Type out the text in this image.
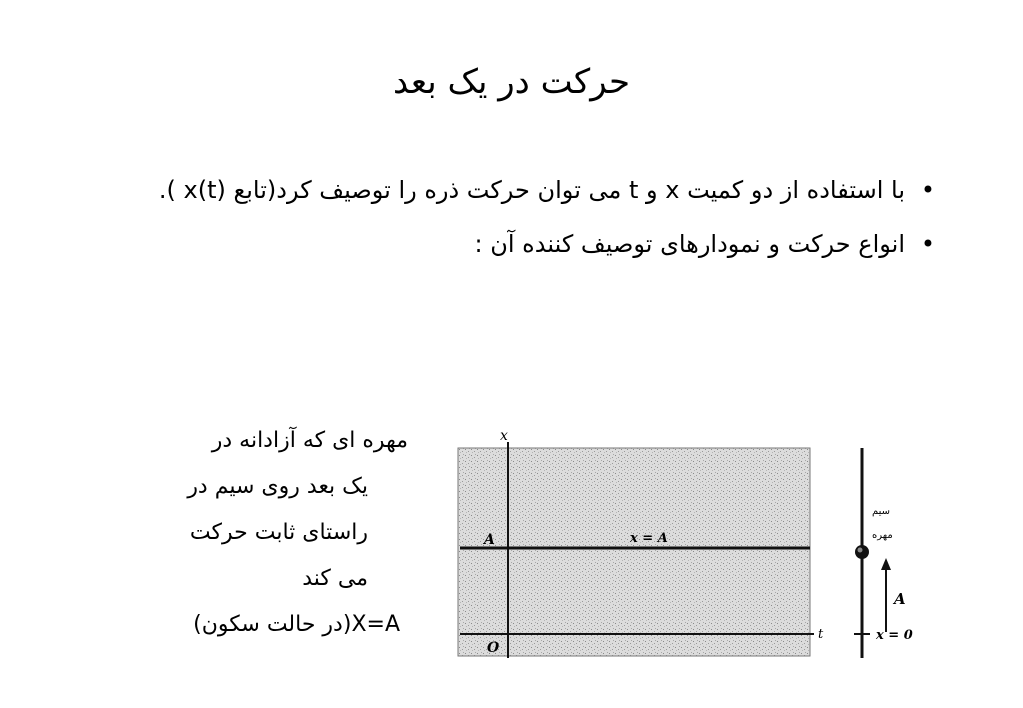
حرکت در یک بعد
•
با استفاده از دو کمیت x و t می توان حرکت ذره را توصیف کرد(تابع x(t) ).
•
انواع حرکت و نمودارهای توصیف کننده آن :
مهره ای که آزادانه در
یک بعد روی سیم در
راستای ثابت حرکت
می کند
X=A(در حالت سکون)
x
t
O
A	x = A
سیم
مهره
A
x = 0
